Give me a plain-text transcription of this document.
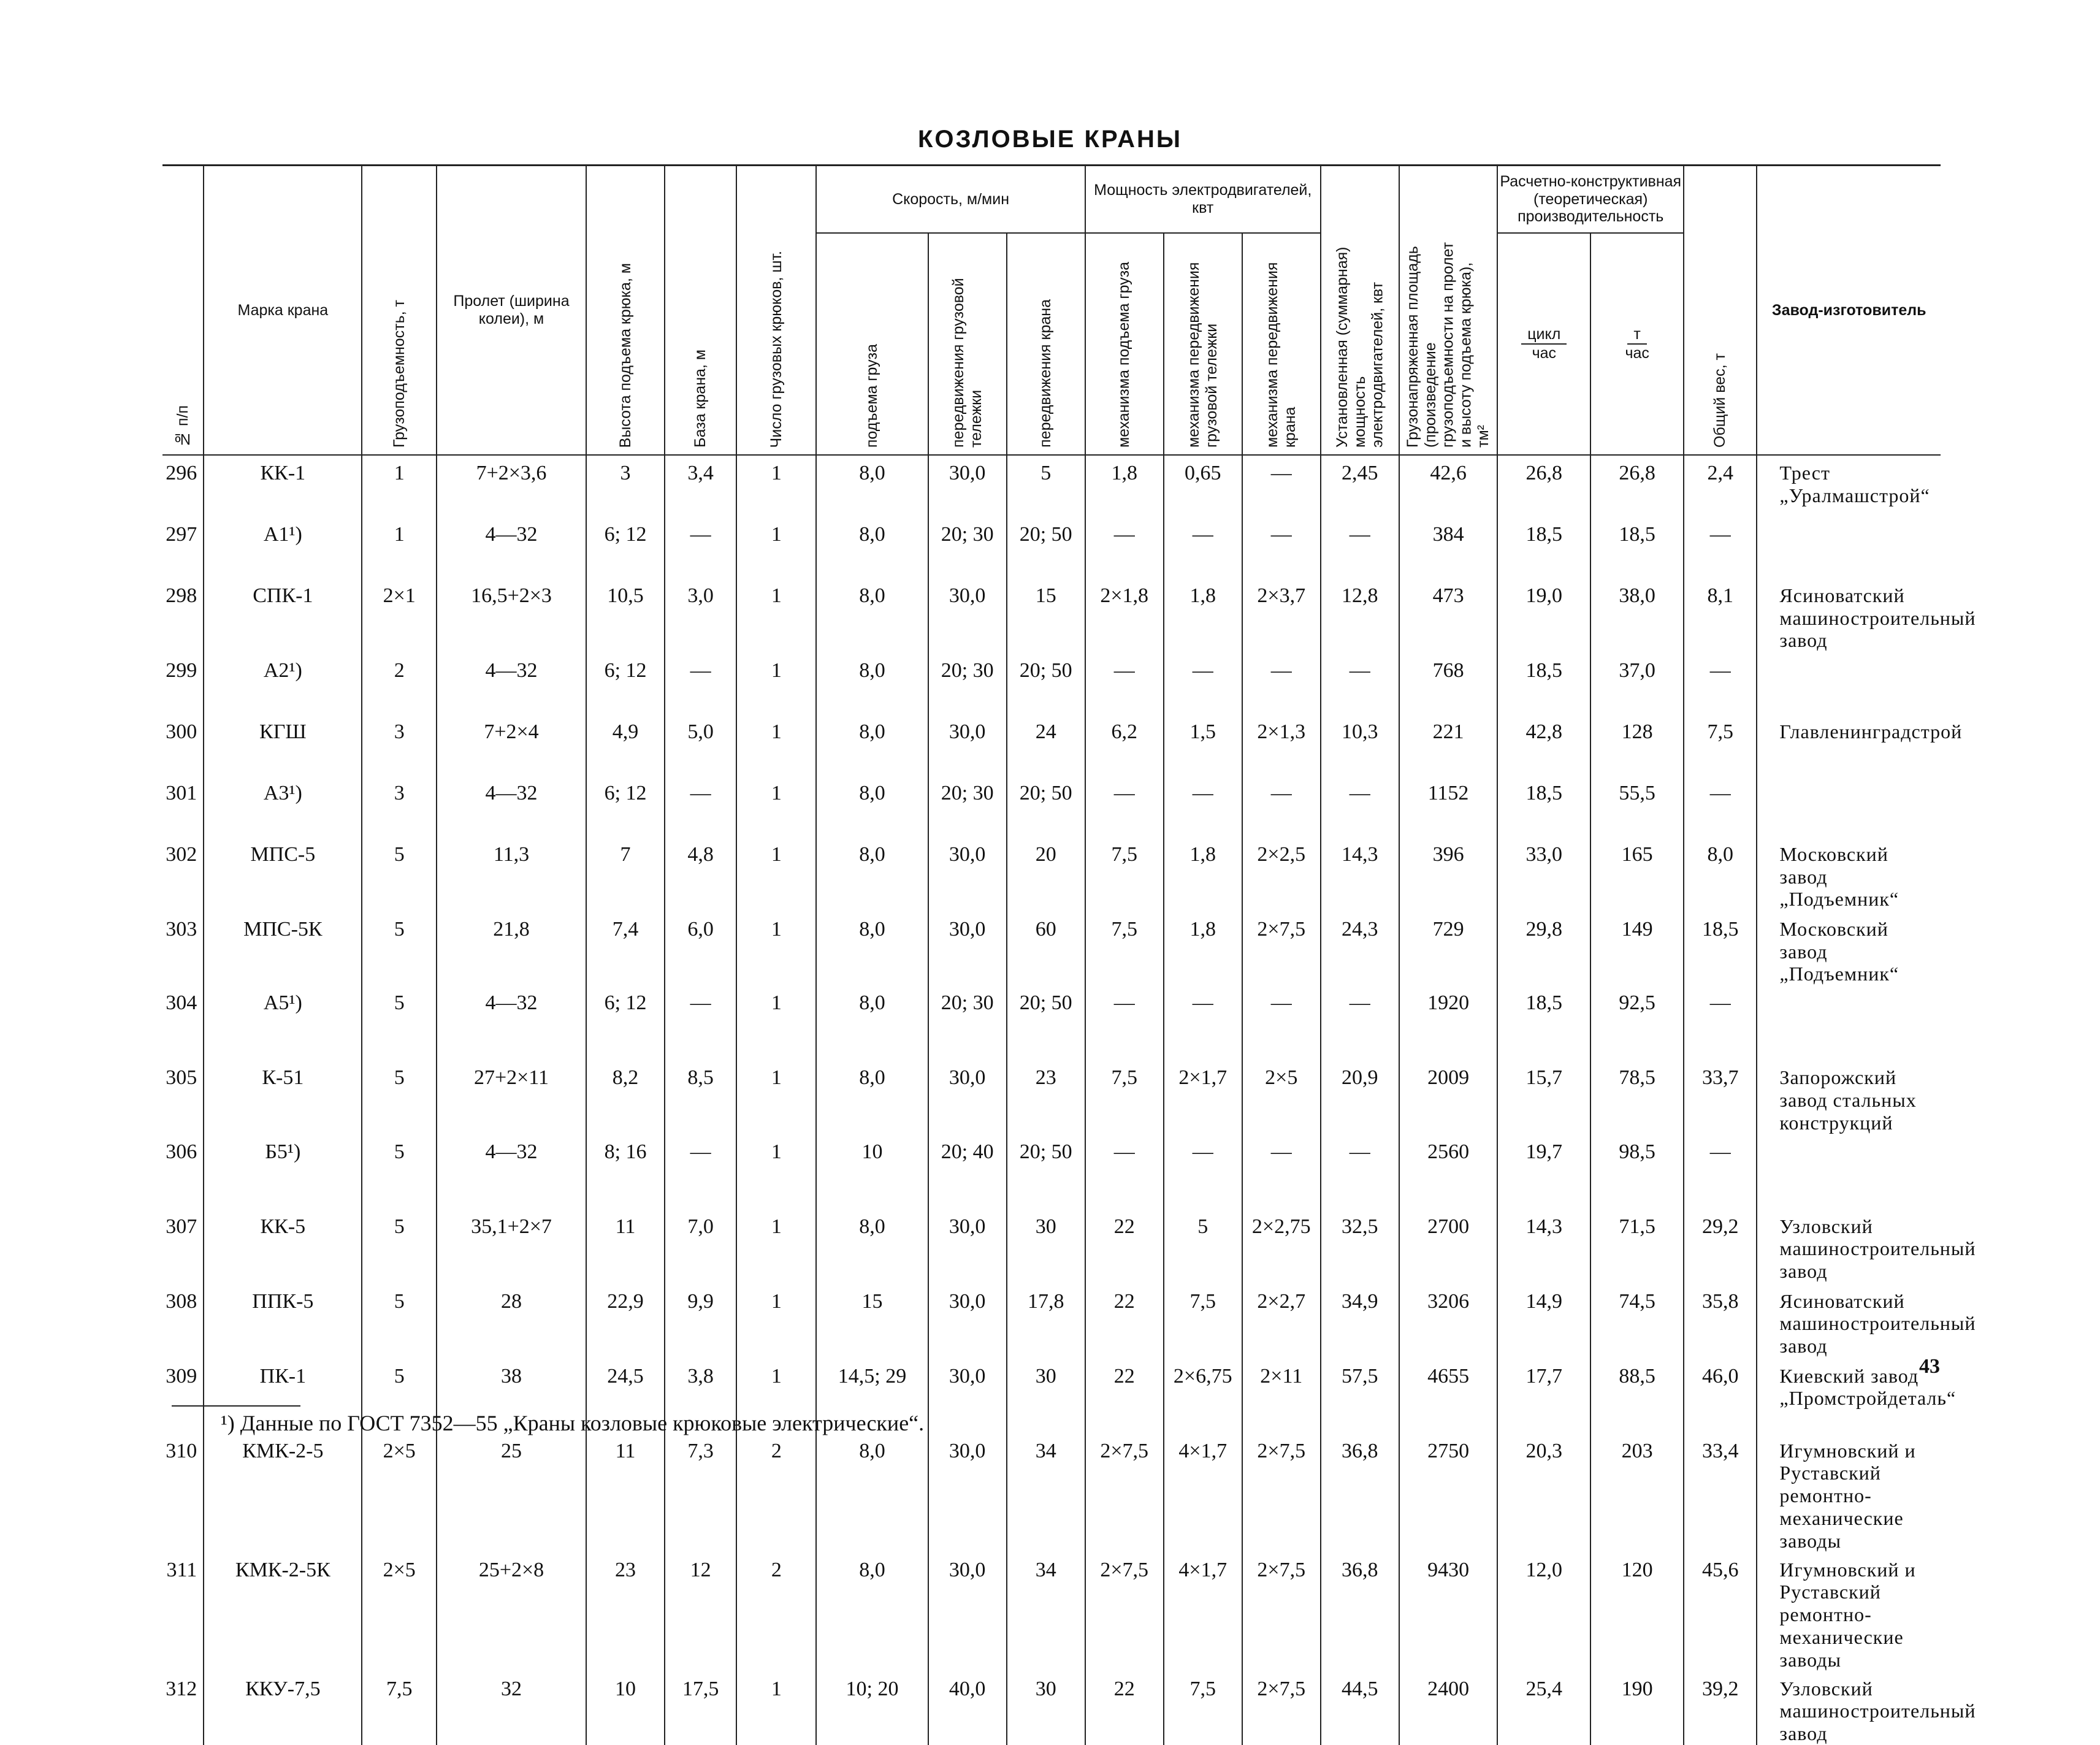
КОЗЛОВЫЕ КРАНЫ
№ п/п	Марка крана	Грузоподъемность, т	Пролет (ширина колеи), м	Высота подъема крюка, м	База крана, м	Число грузовых крюков, шт.	Скорость, м/мин			Мощность электродвигателей, квт			Установленная (суммарная) мощность электродвигателей, квт	Грузонапряженная площадь (произведение грузоподъемности на пролет и высоту подъема крюка), тм²	Расчетно-конструктивная (теоретическая) производительность		Общий вес, т	Завод-изготовитель
							подъема груза	передвижения грузовой тележки	передвижения крана	механизма подъема груза	механизма передвижения грузовой тележки	механизма передвижения крана			$\frac{\text{цикл}}{\text{час}}$	$\frac{т}{\text{час}}$

296	КК-1	1	7+2×3,6	3	3,4	1	8,0	30,0	5	1,8	0,65	—	2,45	42,6	26,8	26,8	2,4	Трест „Уралмашстрой“
297	А1¹)	1	4—32	6; 12	—	1	8,0	20; 30	20; 50	—	—	—	—	384	18,5	18,5	—	
298	СПК-1	2×1	16,5+2×3	10,5	3,0	1	8,0	30,0	15	2×1,8	1,8	2×3,7	12,8	473	19,0	38,0	8,1	Ясиноватский машиностроительный завод
299	А2¹)	2	4—32	6; 12	—	1	8,0	20; 30	20; 50	—	—	—	—	768	18,5	37,0	—	
300	КГШ	3	7+2×4	4,9	5,0	1	8,0	30,0	24	6,2	1,5	2×1,3	10,3	221	42,8	128	7,5	Главленинградстрой
301	А3¹)	3	4—32	6; 12	—	1	8,0	20; 30	20; 50	—	—	—	—	1152	18,5	55,5	—	
302	МПС-5	5	11,3	7	4,8	1	8,0	30,0	20	7,5	1,8	2×2,5	14,3	396	33,0	165	8,0	Московский завод „Подъемник“
303	МПС-5К	5	21,8	7,4	6,0	1	8,0	30,0	60	7,5	1,8	2×7,5	24,3	729	29,8	149	18,5	Московский завод „Подъемник“
304	А5¹)	5	4—32	6; 12	—	1	8,0	20; 30	20; 50	—	—	—	—	1920	18,5	92,5	—	
305	К-51	5	27+2×11	8,2	8,5	1	8,0	30,0	23	7,5	2×1,7	2×5	20,9	2009	15,7	78,5	33,7	Запорожский завод стальных конструкций
306	Б5¹)	5	4—32	8; 16	—	1	10	20; 40	20; 50	—	—	—	—	2560	19,7	98,5	—	
307	КК-5	5	35,1+2×7	11	7,0	1	8,0	30,0	30	22	5	2×2,75	32,5	2700	14,3	71,5	29,2	Узловский машиностроительный завод
308	ППК-5	5	28	22,9	9,9	1	15	30,0	17,8	22	7,5	2×2,7	34,9	3206	14,9	74,5	35,8	Ясиноватский машиностроительный завод
309	ПК-1	5	38	24,5	3,8	1	14,5; 29	30,0	30	22	2×6,75	2×11	57,5	4655	17,7	88,5	46,0	Киевский завод „Промстройдеталь“
310	КМК-2-5	2×5	25	11	7,3	2	8,0	30,0	34	2×7,5	4×1,7	2×7,5	36,8	2750	20,3	203	33,4	Игумновский и Руставский ремонтно-механические заводы
311	КМК-2-5К	2×5	25+2×8	23	12	2	8,0	30,0	34	2×7,5	4×1,7	2×7,5	36,8	9430	12,0	120	45,6	Игумновский и Руставский ремонтно-механические заводы
312	ККУ-7,5	7,5	32	10	17,5	1	10; 20	40,0	30	22	7,5	2×7,5	44,5	2400	25,4	190	39,2	Узловский машиностроительный завод
¹) Данные по ГОСТ 7352—55 „Краны козловые крюковые электрические“.
43
